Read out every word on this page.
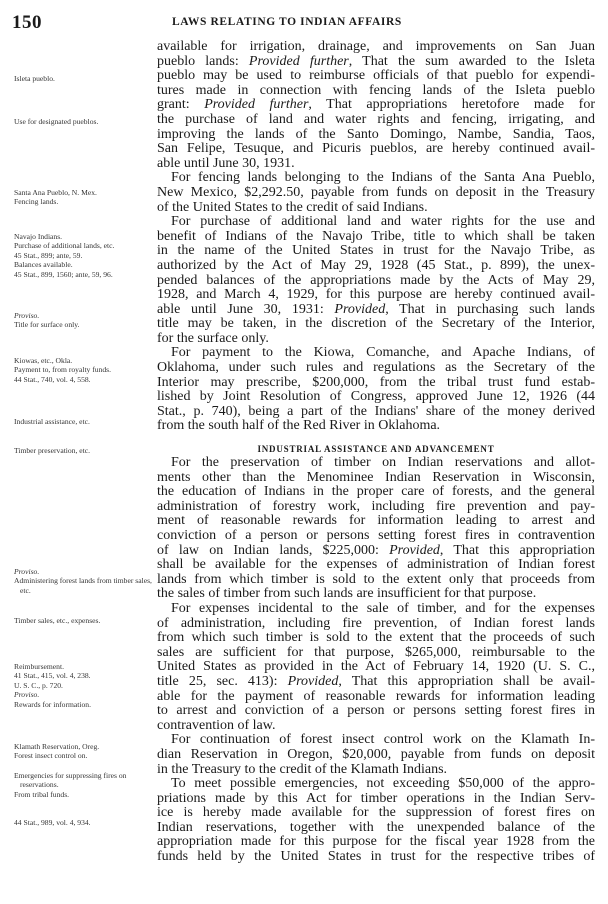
150	LAWS RELATING TO INDIAN AFFAIRS
Isleta pueblo.
Use for designated pueblos.
Santa Ana Pueblo, N. Mex.
Fencing lands.
Navajo Indians.
Purchase of additional lands, etc.
45 Stat., 899; ante, 59.
Balances available.
45 Stat., 899, 1560; ante, 59, 96.
Proviso.
Title for surface only.
Kiowas, etc., Okla.
Payment to, from royalty funds.
44 Stat., 740, vol. 4, 558.
Industrial assistance, etc.
Timber preservation, etc.
Proviso.
Administering forest lands from timber sales, etc.
Timber sales, etc., expenses.
Reimbursement.
41 Stat., 415, vol. 4, 238.
U. S. C., p. 720.
Proviso.
Rewards for information.
Klamath Reservation, Oreg.
Forest insect control on.
Emergencies for suppressing fires on reservations.
From tribal funds.
44 Stat., 989, vol. 4, 934.
available for irrigation, drainage, and improvements on San Juan
pueblo lands: Provided further, That the sum awarded to the Isleta
pueblo may be used to reimburse officials of that pueblo for expendi-
tures made in connection with fencing lands of the Isleta pueblo
grant: Provided further, That appropriations heretofore made for
the purchase of land and water rights and fencing, irrigating, and
improving the lands of the Santo Domingo, Nambe, Sandia, Taos,
San Felipe, Tesuque, and Picuris pueblos, are hereby continued avail-
able until June 30, 1931.
For fencing lands belonging to the Indians of the Santa Ana Pueblo,
New Mexico, $2,292.50, payable from funds on deposit in the Treasury
of the United States to the credit of said Indians.
For purchase of additional land and water rights for the use and
benefit of Indians of the Navajo Tribe, title to which shall be taken
in the name of the United States in trust for the Navajo Tribe, as
authorized by the Act of May 29, 1928 (45 Stat., p. 899), the unex-
pended balances of the appropriations made by the Acts of May 29,
1928, and March 4, 1929, for this purpose are hereby continued avail-
able until June 30, 1931: Provided, That in purchasing such lands
title may be taken, in the discretion of the Secretary of the Interior,
for the surface only.
For payment to the Kiowa, Comanche, and Apache Indians, of
Oklahoma, under such rules and regulations as the Secretary of the
Interior may prescribe, $200,000, from the tribal trust fund estab-
lished by Joint Resolution of Congress, approved June 12, 1926 (44
Stat., p. 740), being a part of the Indians' share of the money derived
from the south half of the Red River in Oklahoma.
INDUSTRIAL ASSISTANCE AND ADVANCEMENT
For the preservation of timber on Indian reservations and allot-
ments other than the Menominee Indian Reservation in Wisconsin,
the education of Indians in the proper care of forests, and the general
administration of forestry work, including fire prevention and pay-
ment of reasonable rewards for information leading to arrest and
conviction of a person or persons setting forest fires in contravention
of law on Indian lands, $225,000: Provided, That this appropriation
shall be available for the expenses of administration of Indian forest
lands from which timber is sold to the extent only that proceeds from
the sales of timber from such lands are insufficient for that purpose.
For expenses incidental to the sale of timber, and for the expenses
of administration, including fire prevention, of Indian forest lands
from which such timber is sold to the extent that the proceeds of such
sales are sufficient for that purpose, $265,000, reimbursable to the
United States as provided in the Act of February 14, 1920 (U. S. C.,
title 25, sec. 413): Provided, That this appropriation shall be avail-
able for the payment of reasonable rewards for information leading
to arrest and conviction of a person or persons setting forest fires in
contravention of law.
For continuation of forest insect control work on the Klamath In-
dian Reservation in Oregon, $20,000, payable from funds on deposit
in the Treasury to the credit of the Klamath Indians.
To meet possible emergencies, not exceeding $50,000 of the appro-
priations made by this Act for timber operations in the Indian Serv-
ice is hereby made available for the suppression of forest fires on
Indian reservations, together with the unexpended balance of the
appropriation made for this purpose for the fiscal year 1928 from the
funds held by the United States in trust for the respective tribes of
